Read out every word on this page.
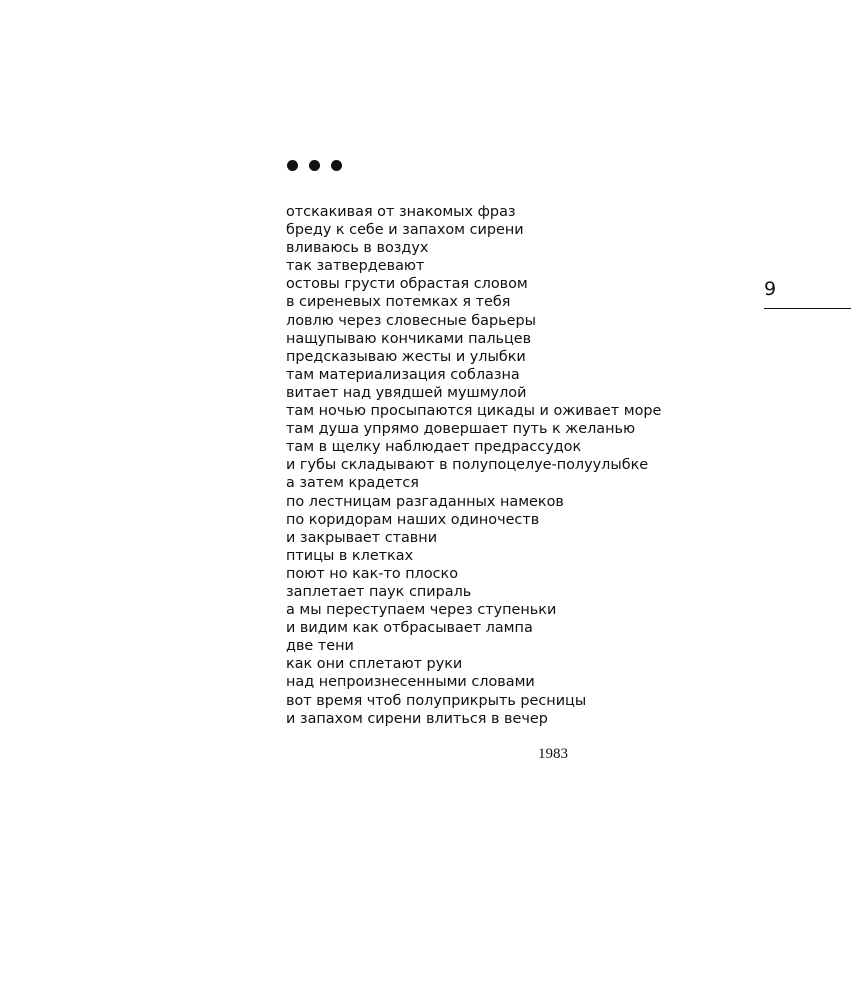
отскакивая от знакомых фраз
бреду к себе и запахом сирени
вливаюсь в воздух
так затвердевают
остовы грусти обрастая словом
в сиреневых потемках я тебя
ловлю через словесные барьеры
нащупываю кончиками пальцев
предсказываю жесты и улыбки
там материализация соблазна
витает над увядшей мушмулой
там ночью просыпаются цикады и оживает море
там душа упрямо довершает путь к желанью
там в щелку наблюдает предрассудок
и губы складывают в полупоцелуе-полуулыбке
а затем крадется
по лестницам разгаданных намеков
по коридорам наших одиночеств
и закрывает ставни
птицы в клетках
поют но как-то плоско
заплетает паук спираль
а мы переступаем через ступеньки
и видим как отбрасывает лампа
две тени
как они сплетают руки
над непроизнесенными словами
вот время чтоб полуприкрыть ресницы
и запахом сирени влиться в вечер
1983
9
